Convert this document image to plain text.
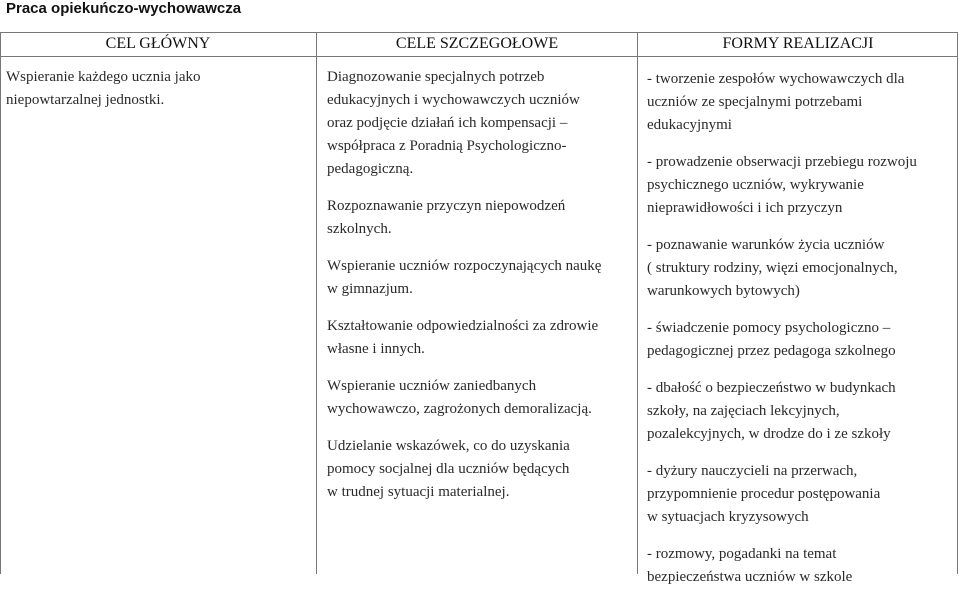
Praca opiekuńczo-wychowawcza
CEL GŁÓWNY	CELE SZCZEGOŁOWE	FORMY REALIZACJI
Wspieranie każdego ucznia jako
niepowtarzalnej jednostki.
Diagnozowanie specjalnych potrzeb
edukacyjnych i wychowawczych uczniów
oraz podjęcie działań ich kompensacji –
współpraca z Poradnią Psychologiczno-
pedagogiczną.
Rozpoznawanie przyczyn niepowodzeń
szkolnych.
Wspieranie uczniów rozpoczynających naukę
w gimnazjum.
Kształtowanie odpowiedzialności za zdrowie
własne i innych.
Wspieranie uczniów zaniedbanych
wychowawczo, zagrożonych demoralizacją.
Udzielanie wskazówek, co do uzyskania
pomocy socjalnej dla uczniów będących
w trudnej sytuacji materialnej.
- tworzenie zespołów wychowawczych dla
uczniów ze specjalnymi potrzebami
edukacyjnymi
- prowadzenie obserwacji przebiegu rozwoju
psychicznego uczniów, wykrywanie
nieprawidłowości i ich przyczyn
- poznawanie warunków życia uczniów
( struktury rodziny, więzi emocjonalnych,
warunkowych bytowych)
- świadczenie pomocy psychologiczno –
pedagogicznej przez pedagoga szkolnego
- dbałość o bezpieczeństwo w budynkach
szkoły, na zajęciach lekcyjnych,
pozalekcyjnych, w drodze do i ze szkoły
- dyżury nauczycieli na przerwach,
przypomnienie procedur postępowania
w sytuacjach kryzysowych
- rozmowy, pogadanki na temat
bezpieczeństwa uczniów w szkole
